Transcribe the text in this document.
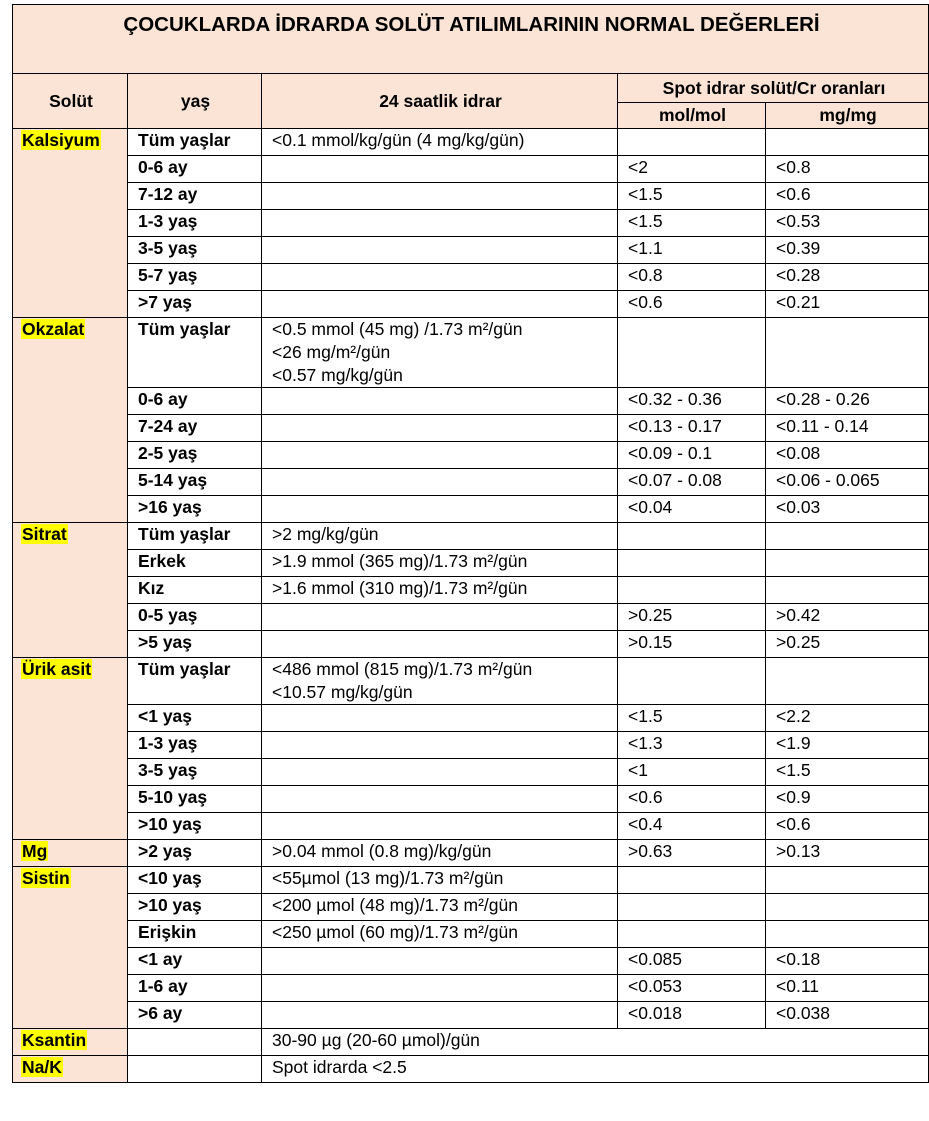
ÇOCUKLARDA İDRARDA SOLÜT ATILIMLARININ NORMAL DEĞERLERİ				
Solüt	yaş	24 saatlik idrar	Spot idrar solüt/Cr oranları	
			mol/mol	mg/mg
Kalsiyum	Tüm yaşlar	<0.1 mmol/kg/gün (4 mg/kg/gün)		

	0-6 ay		<2	<0.8
	7-12 ay		<1.5	<0.6
	1-3 yaş		<1.5	<0.53
	3-5 yaş		<1.1	<0.39
	5-7 yaş		<0.8	<0.28
	>7 yaş		<0.6	<0.21
Okzalat	Tüm yaşlar	<0.5 mmol (45 mg) /1.73 m²/gün
<26 mg/m²/gün
<0.57 mg/kg/gün		

	0-6 ay		<0.32 - 0.36	<0.28 - 0.26
	7-24 ay		<0.13 - 0.17	<0.11 - 0.14
	2-5 yaş		<0.09 - 0.1	<0.08
	5-14 yaş		<0.07 - 0.08	<0.06 - 0.065
	>16 yaş		<0.04	<0.03
Sitrat	Tüm yaşlar	>2 mg/kg/gün		

	Erkek	>1.9 mmol (365 mg)/1.73 m²/gün		

	Kız	>1.6 mmol (310 mg)/1.73 m²/gün		

	0-5 yaş		>0.25	>0.42
	>5 yaş		>0.15	>0.25
Ürik asit	Tüm yaşlar	<486 mmol (815 mg)/1.73 m²/gün
<10.57 mg/kg/gün		

	<1 yaş		<1.5	<2.2
	1-3 yaş		<1.3	<1.9
	3-5 yaş		<1	<1.5
	5-10 yaş		<0.6	<0.9
	>10 yaş		<0.4	<0.6
Mg	>2 yaş	>0.04 mmol (0.8 mg)/kg/gün	>0.63	>0.13
Sistin	<10 yaş	<55µmol (13 mg)/1.73 m²/gün		

	>10 yaş	<200 µmol (48 mg)/1.73 m²/gün		

	Erişkin	<250 µmol (60 mg)/1.73 m²/gün		

	<1 ay		<0.085	<0.18
	1-6 ay		<0.053	<0.11
	>6 ay		<0.018	<0.038
Ksantin		30-90 µg (20-60 µmol)/gün		
Na/K		Spot idrarda <2.5		
